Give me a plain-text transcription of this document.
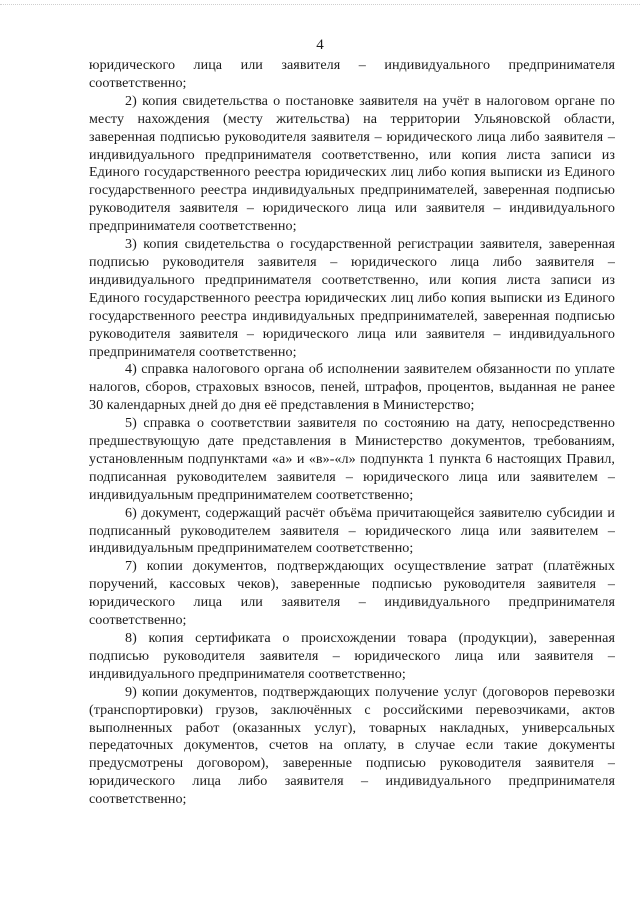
4

юридического лица или заявителя – индивидуального предпринимателя соответственно;

2) копия свидетельства о постановке заявителя на учёт в налоговом органе по месту нахождения (месту жительства) на территории Ульяновской области, заверенная подписью руководителя заявителя – юридического лица либо заявителя – индивидуального предпринимателя соответственно, или копия листа записи из Единого государственного реестра юридических лиц либо копия выписки из Единого государственного реестра индивидуальных предпринимателей, заверенная подписью руководителя заявителя – юридического лица или заявителя – индивидуального предпринимателя соответственно;

3) копия свидетельства о государственной регистрации заявителя, заверенная подписью руководителя заявителя – юридического лица либо заявителя – индивидуального предпринимателя соответственно, или копия листа записи из Единого государственного реестра юридических лиц либо копия выписки из Единого государственного реестра индивидуальных предпринимателей, заверенная подписью руководителя заявителя – юридического лица или заявителя – индивидуального предпринимателя соответственно;

4) справка налогового органа об исполнении заявителем обязанности по уплате налогов, сборов, страховых взносов, пеней, штрафов, процентов, выданная не ранее 30 календарных дней до дня её представления в Министерство;

5) справка о соответствии заявителя по состоянию на дату, непосредственно предшествующую дате представления в Министерство документов, требованиям, установленным подпунктами «а» и «в»-«л» подпункта 1 пункта 6 настоящих Правил, подписанная руководителем заявителя – юридического лица или заявителем – индивидуальным предпринимателем соответственно;

6) документ, содержащий расчёт объёма причитающейся заявителю субсидии и подписанный руководителем заявителя – юридического лица или заявителем – индивидуальным предпринимателем соответственно;

7) копии документов, подтверждающих осуществление затрат (платёжных поручений, кассовых чеков), заверенные подписью руководителя заявителя – юридического лица или заявителя – индивидуального предпринимателя соответственно;

8) копия сертификата о происхождении товара (продукции), заверенная подписью руководителя заявителя – юридического лица или заявителя – индивидуального предпринимателя соответственно;

9) копии документов, подтверждающих получение услуг (договоров перевозки (транспортировки) грузов, заключённых с российскими перевозчиками, актов выполненных работ (оказанных услуг), товарных накладных, универсальных передаточных документов, счетов на оплату, в случае если такие документы предусмотрены договором), заверенные подписью руководителя заявителя – юридического лица либо заявителя – индивидуального предпринимателя соответственно;
